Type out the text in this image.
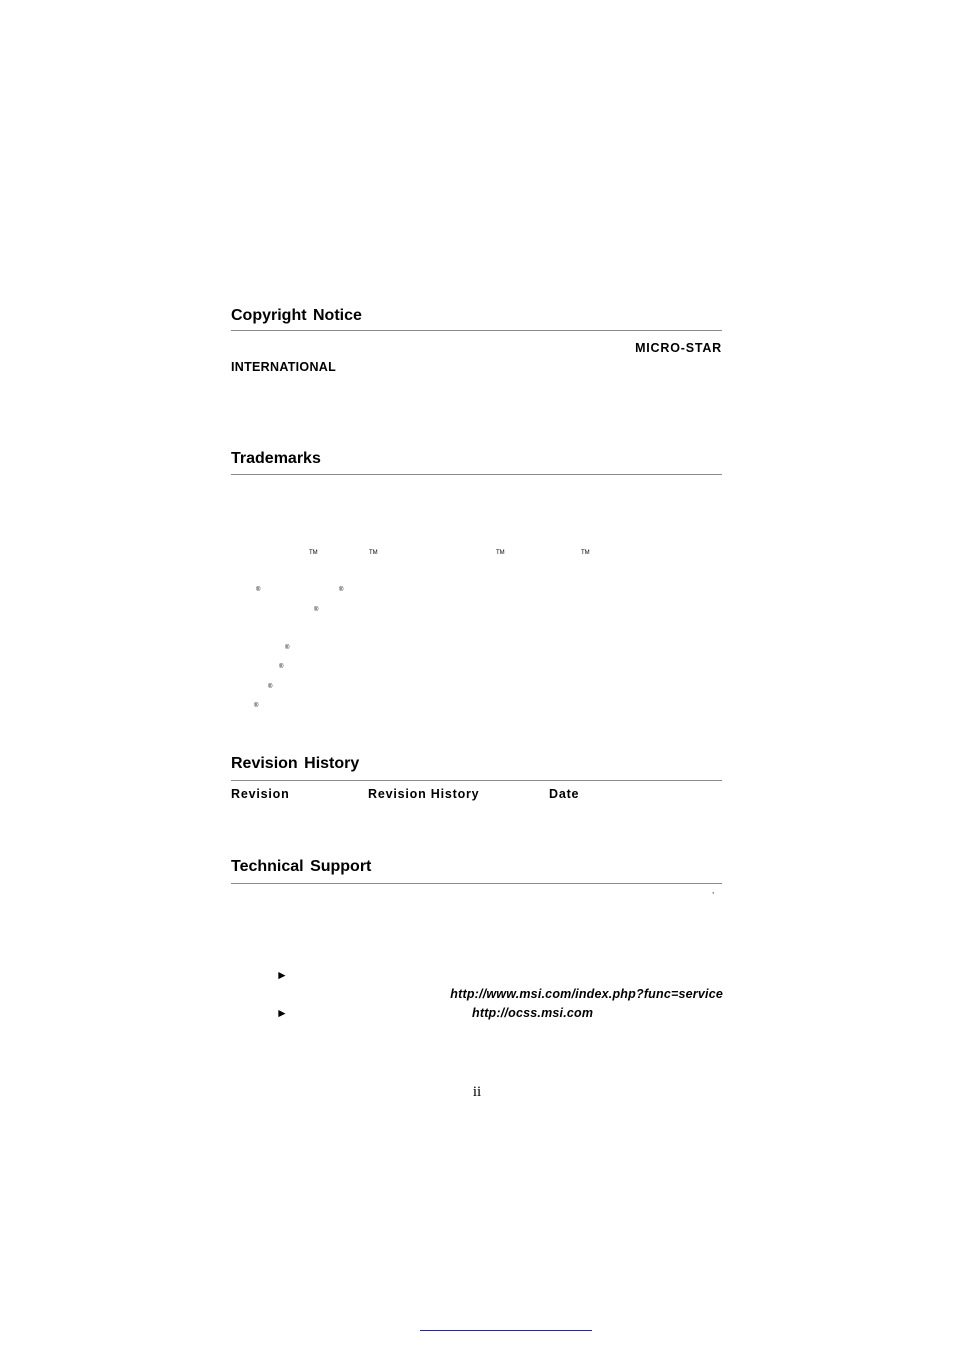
Copyright Notice
MICRO-STAR
INTERNATIONAL
Trademarks
TM	TM	TM	TM
®	®
®
®
®
®
®
Revision History
Revision	Revision History	Date
Technical Support
,
►
http://www.msi.com/index.php?func=service
►	http://ocss.msi.com
ii
